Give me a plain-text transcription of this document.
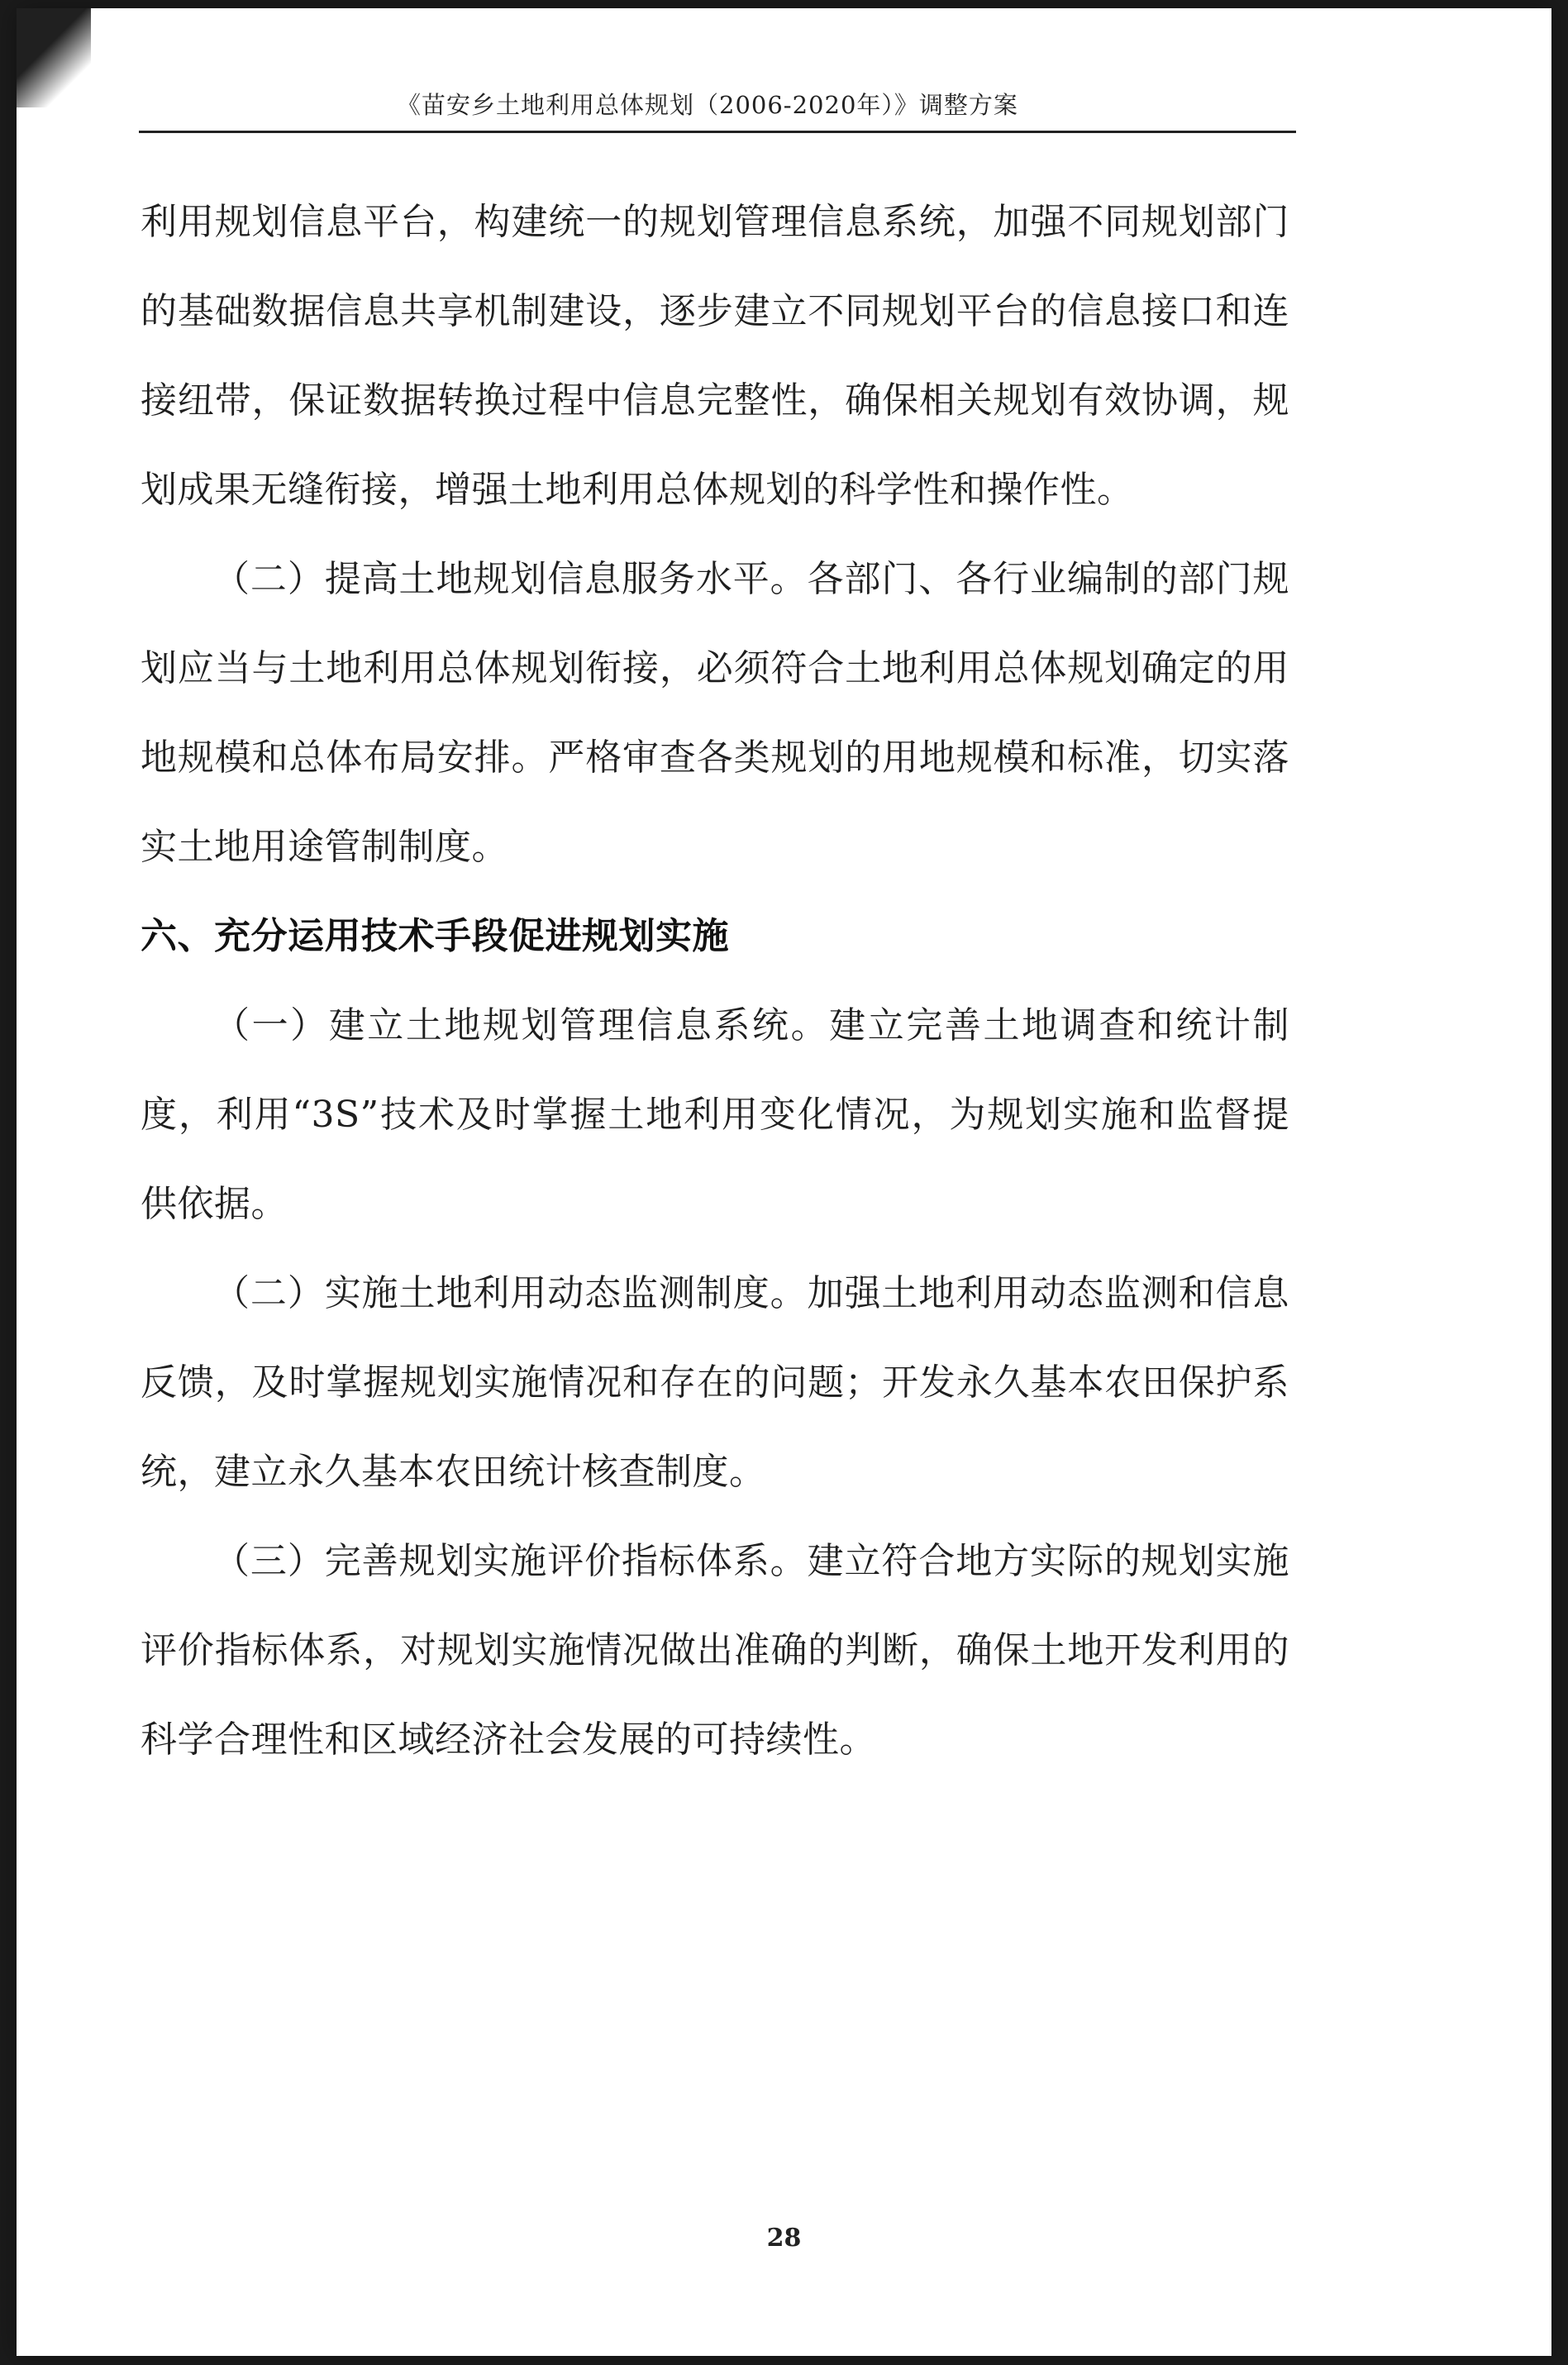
《苗安乡土地利用总体规划（2006-2020年）》调整方案

利用规划信息平台，构建统一的规划管理信息系统，加强不同规划部门的基础数据信息共享机制建设，逐步建立不同规划平台的信息接口和连接纽带，保证数据转换过程中信息完整性，确保相关规划有效协调，规划成果无缝衔接，增强土地利用总体规划的科学性和操作性。

（二）提高土地规划信息服务水平。各部门、各行业编制的部门规划应当与土地利用总体规划衔接，必须符合土地利用总体规划确定的用地规模和总体布局安排。严格审查各类规划的用地规模和标准，切实落实土地用途管制制度。

六、充分运用技术手段促进规划实施

（一）建立土地规划管理信息系统。建立完善土地调查和统计制度，利用“3S”技术及时掌握土地利用变化情况，为规划实施和监督提供依据。

（二）实施土地利用动态监测制度。加强土地利用动态监测和信息反馈，及时掌握规划实施情况和存在的问题；开发永久基本农田保护系统，建立永久基本农田统计核查制度。

（三）完善规划实施评价指标体系。建立符合地方实际的规划实施评价指标体系，对规划实施情况做出准确的判断，确保土地开发利用的科学合理性和区域经济社会发展的可持续性。

28
